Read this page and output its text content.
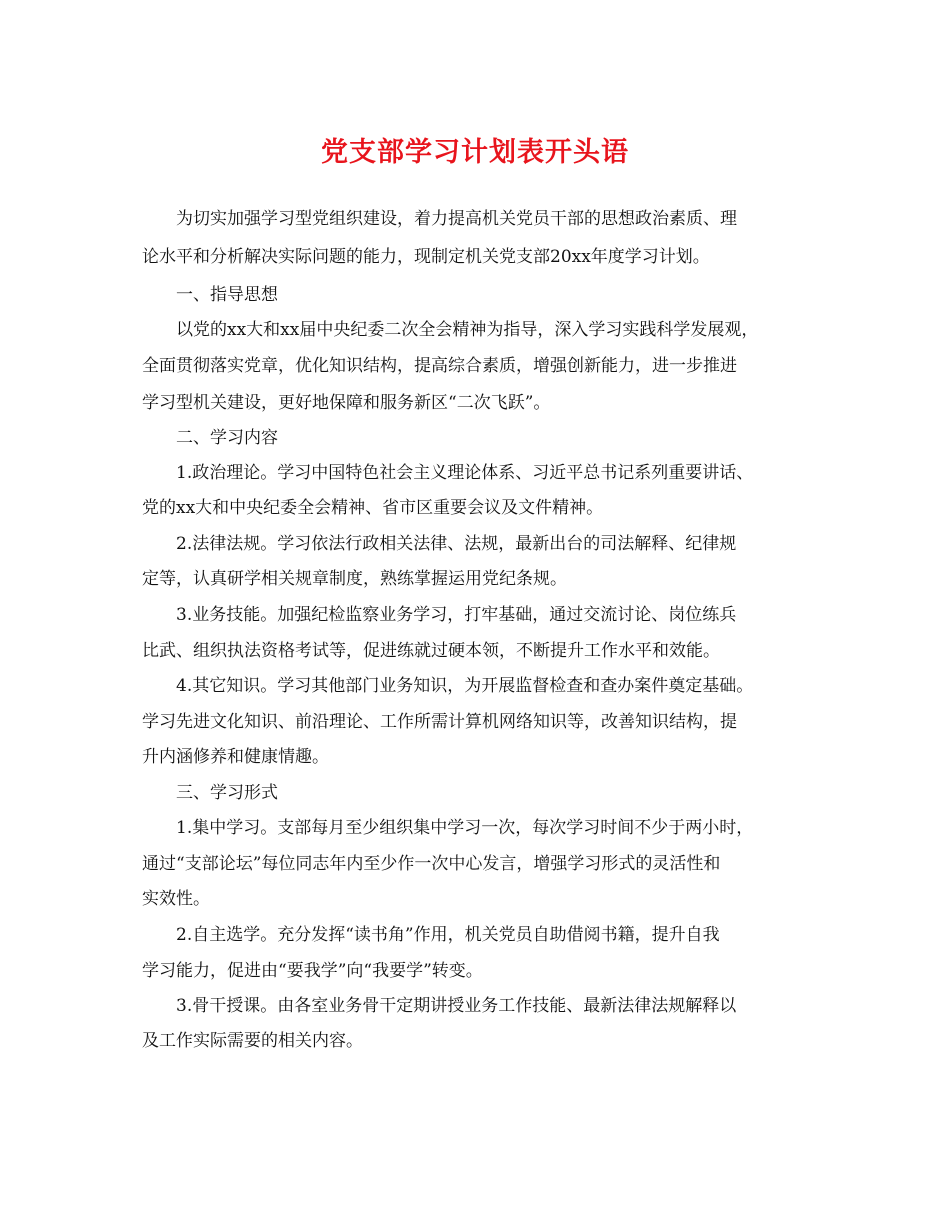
党支部学习计划表开头语
为切实加强学习型党组织建设，着力提高机关党员干部的思想政治素质、理
论水平和分析解决实际问题的能力，现制定机关党支部20xx年度学习计划。
一、指导思想
以党的xx大和xx届中央纪委二次全会精神为指导，深入学习实践科学发展观，
全面贯彻落实党章，优化知识结构，提高综合素质，增强创新能力，进一步推进
学习型机关建设，更好地保障和服务新区“二次飞跃”。
二、学习内容
1.政治理论。学习中国特色社会主义理论体系、习近平总书记系列重要讲话、
党的xx大和中央纪委全会精神、省市区重要会议及文件精神。
2.法律法规。学习依法行政相关法律、法规，最新出台的司法解释、纪律规
定等，认真研学相关规章制度，熟练掌握运用党纪条规。
3.业务技能。加强纪检监察业务学习，打牢基础，通过交流讨论、岗位练兵
比武、组织执法资格考试等，促进练就过硬本领，不断提升工作水平和效能。
4.其它知识。学习其他部门业务知识，为开展监督检查和查办案件奠定基础。
学习先进文化知识、前沿理论、工作所需计算机网络知识等，改善知识结构，提
升内涵修养和健康情趣。
三、学习形式
1.集中学习。支部每月至少组织集中学习一次，每次学习时间不少于两小时，
通过“支部论坛”每位同志年内至少作一次中心发言，增强学习形式的灵活性和
实效性。
2.自主选学。充分发挥“读书角”作用，机关党员自助借阅书籍，提升自我
学习能力，促进由“要我学”向“我要学”转变。
3.骨干授课。由各室业务骨干定期讲授业务工作技能、最新法律法规解释以
及工作实际需要的相关内容。
